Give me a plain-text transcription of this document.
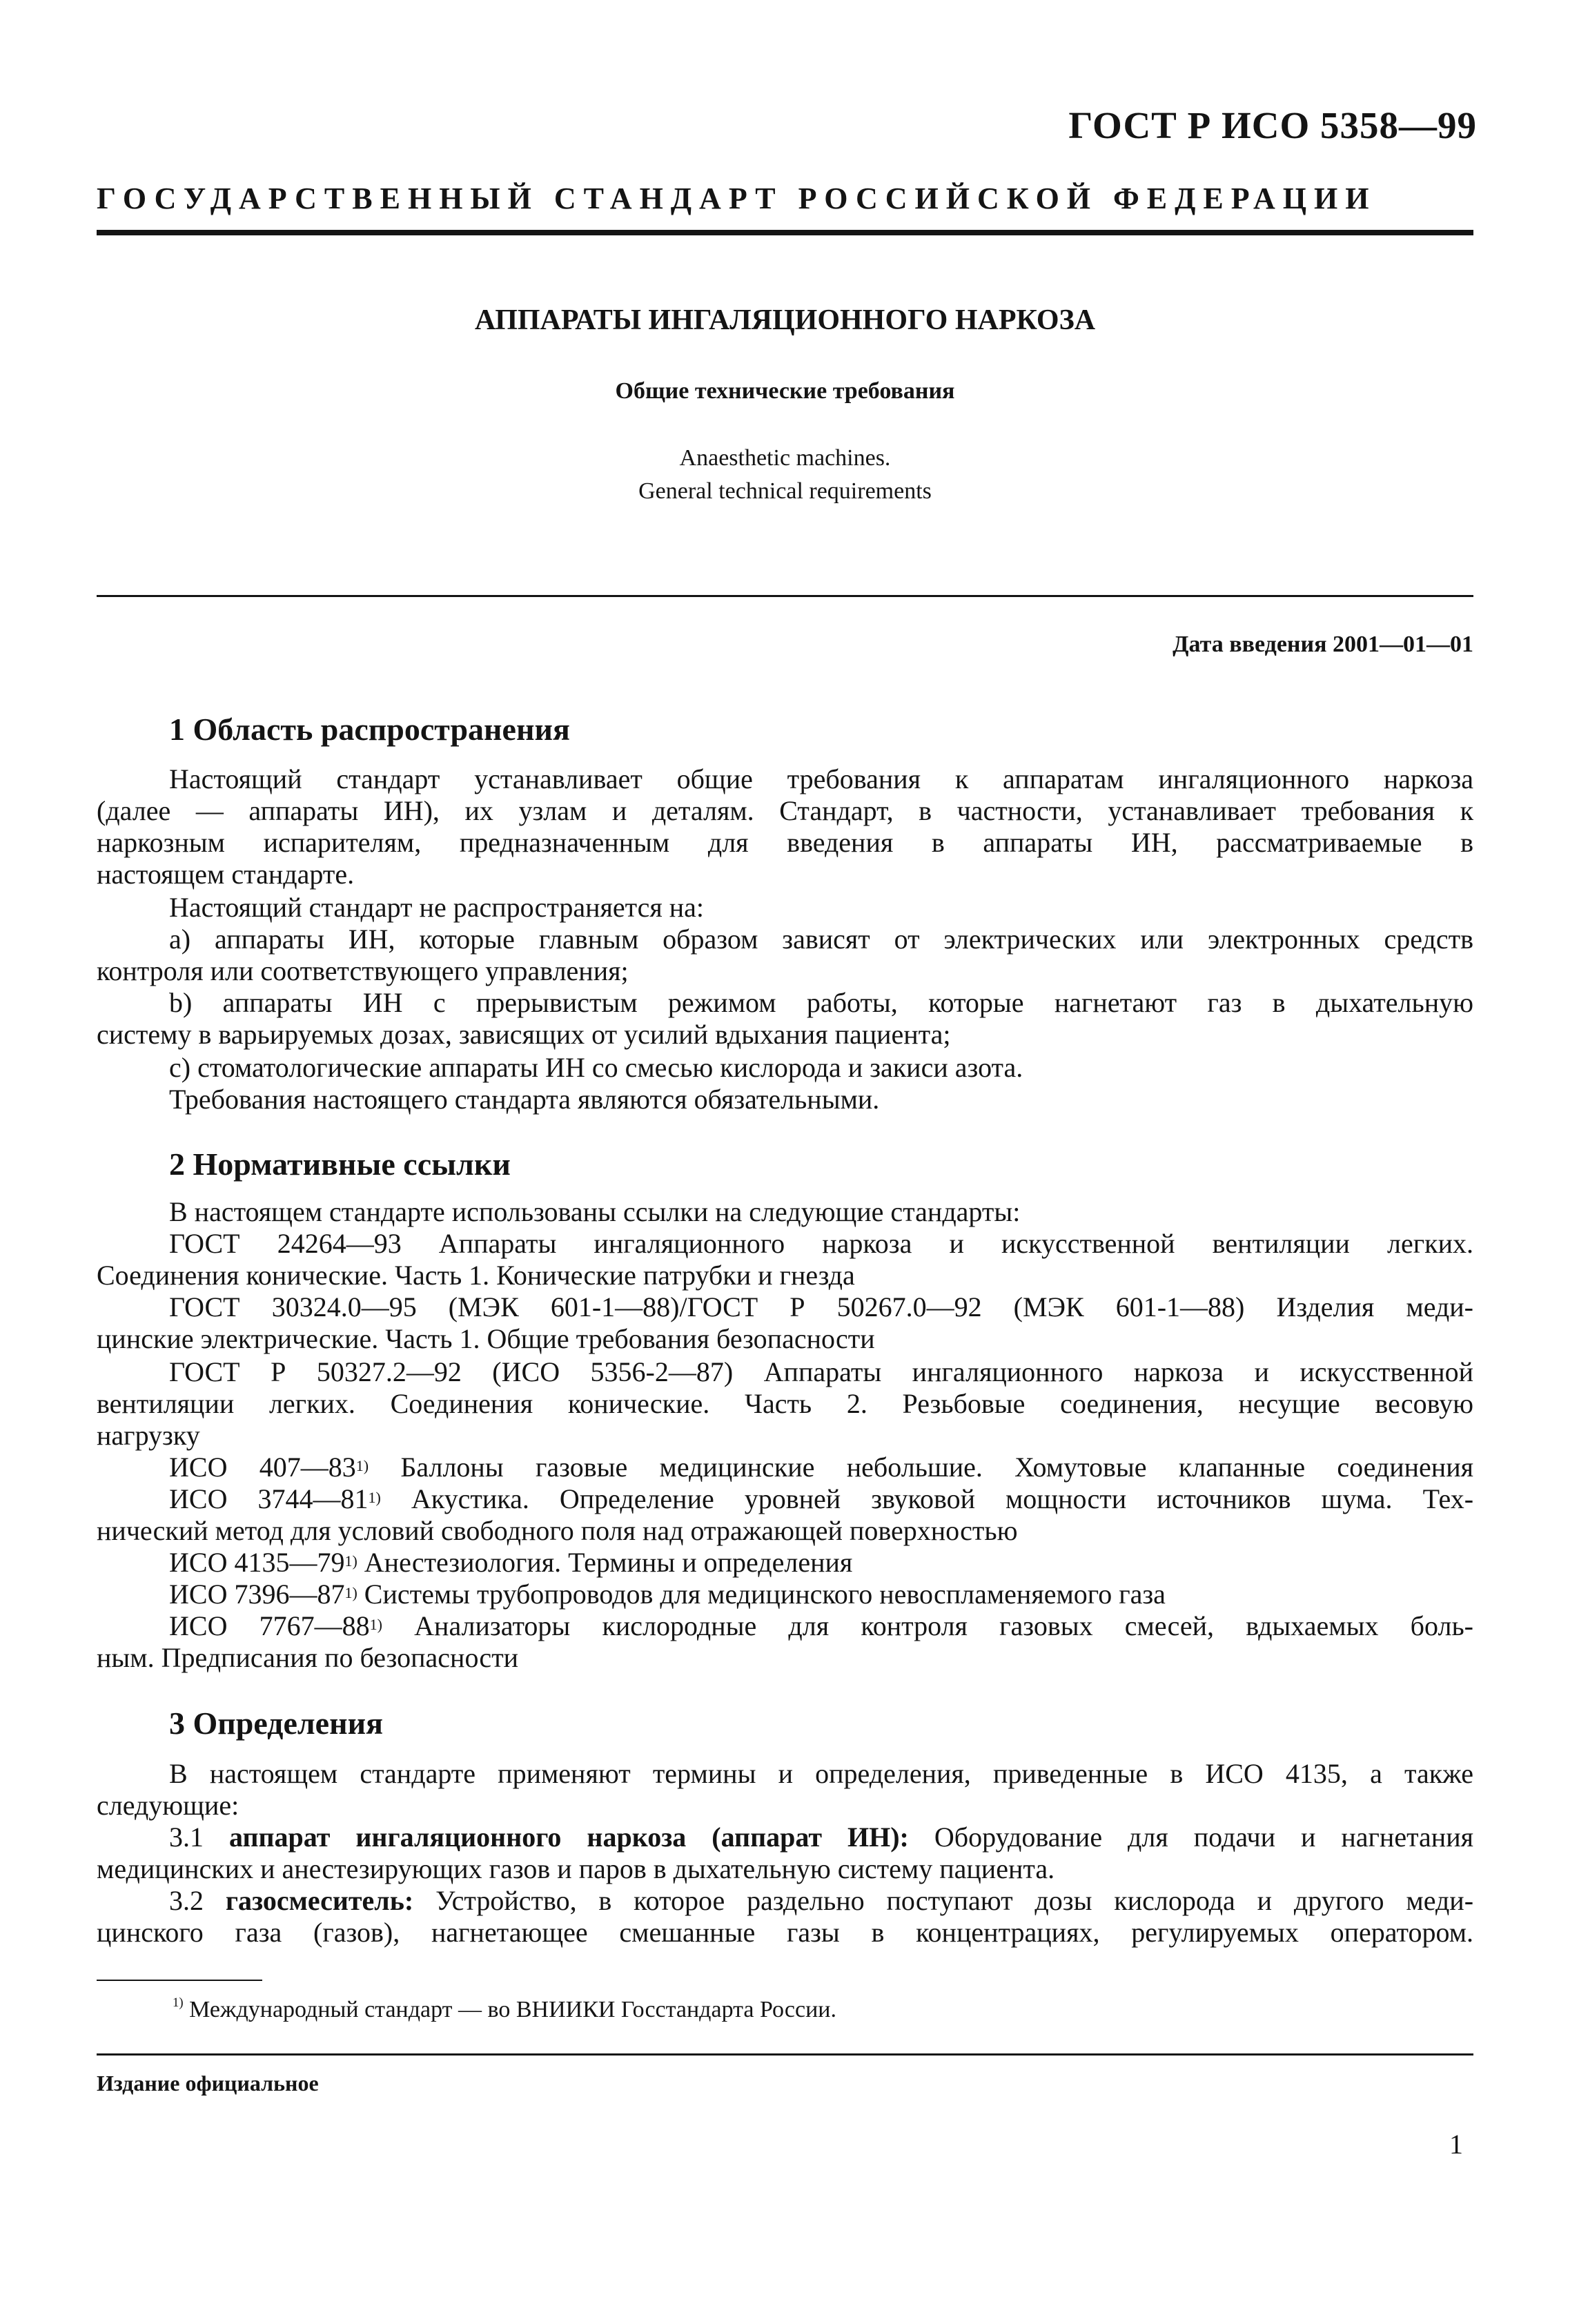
ГОСТ Р ИСО 5358—99
ГОСУДАРСТВЕННЫЙ СТАНДАРТ РОССИЙСКОЙ ФЕДЕРАЦИИ
АППАРАТЫ ИНГАЛЯЦИОННОГО НАРКОЗА
Общие технические требования
Anaesthetic machines.
General technical requirements
Дата введения 2001—01—01
1 Область распространения
Настоящий стандарт устанавливает общие требования к аппаратам ингаляционного наркоза
(далее — аппараты ИН), их узлам и деталям. Стандарт, в частности, устанавливает требования к
наркозным испарителям, предназначенным для введения в аппараты ИН, рассматриваемые в
настоящем стандарте.
Настоящий стандарт не распространяется на:
а) аппараты ИН, которые главным образом зависят от электрических или электронных средств
контроля или соответствующего управления;
b) аппараты ИН с прерывистым режимом работы, которые нагнетают газ в дыхательную
систему в варьируемых дозах, зависящих от усилий вдыхания пациента;
с) стоматологические аппараты ИН со смесью кислорода и закиси азота.
Требования настоящего стандарта являются обязательными.
2 Нормативные ссылки
В настоящем стандарте использованы ссылки на следующие стандарты:
ГОСТ 24264—93 Аппараты ингаляционного наркоза и искусственной вентиляции легких.
Соединения конические. Часть 1. Конические патрубки и гнезда
ГОСТ 30324.0—95 (МЭК 601-1—88)/ГОСТ Р 50267.0—92 (МЭК 601-1—88) Изделия меди-
цинские электрические. Часть 1. Общие требования безопасности
ГОСТ Р 50327.2—92 (ИСО 5356-2—87) Аппараты ингаляционного наркоза и искусственной
вентиляции легких. Соединения конические. Часть 2. Резьбовые соединения, несущие весовую
нагрузку
ИСО 407—83$^{1)}$ Баллоны газовые медицинские небольшие. Хомутовые клапанные соединения
ИСО 3744—81$^{1)}$ Акустика. Определение уровней звуковой мощности источников шума. Тех-
нический метод для условий свободного поля над отражающей поверхностью
ИСО 4135—79$^{1)}$ Анестезиология. Термины и определения
ИСО 7396—87$^{1)}$ Системы трубопроводов для медицинского невоспламеняемого газа
ИСО 7767—88$^{1)}$ Анализаторы кислородные для контроля газовых смесей, вдыхаемых боль-
ным. Предписания по безопасности
3 Определения
В настоящем стандарте применяют термины и определения, приведенные в ИСО 4135, а также
следующие:
3.1 аппарат ингаляционного наркоза (аппарат ИН): Оборудование для подачи и нагнетания
медицинских и анестезирующих газов и паров в дыхательную систему пациента.
3.2 газосмеситель: Устройство, в которое раздельно поступают дозы кислорода и другого меди-
цинского газа (газов), нагнетающее смешанные газы в концентрациях, регулируемых оператором.
$^{1)}$ Международный стандарт — во ВНИИКИ Госстандарта России.
Издание официальное
1
